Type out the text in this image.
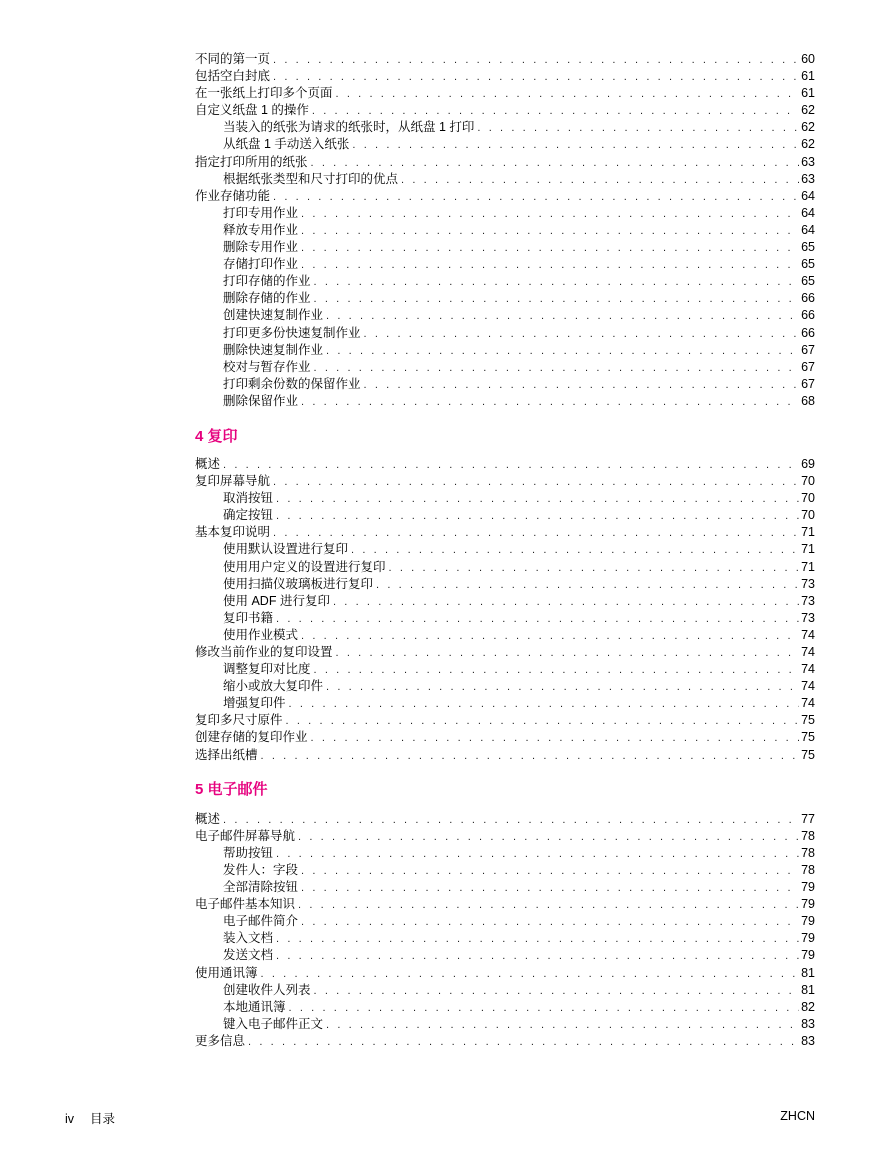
不同的第一页 . . .	60
包括空白封底 . . .	61
在一张纸上打印多个页面 . . .	61
自定义纸盘 1 的操作 . . .	62
当装入的纸张为请求的纸张时，从纸盘 1 打印 . . .	62
从纸盘 1 手动送入纸张 . . .	62
指定打印所用的纸张 . . .	63
根据纸张类型和尺寸打印的优点 . . .	63
作业存储功能 . . .	64
打印专用作业 . . .	64
释放专用作业 . . .	64
删除专用作业 . . .	65
存储打印作业 . . .	65
打印存储的作业 . . .	65
删除存储的作业 . . .	66
创建快速复制作业 . . .	66
打印更多份快速复制作业 . . .	66
删除快速复制作业 . . .	67
校对与暂存作业 . . .	67
打印剩余份数的保留作业 . . .	67
删除保留作业 . . .	68
4 复印
概述 . . .	69
复印屏幕导航 . . .	70
取消按钮 . . .	70
确定按钮 . . .	70
基本复印说明 . . .	71
使用默认设置进行复印 . . .	71
使用用户定义的设置进行复印 . . .	71
使用扫描仪玻璃板进行复印 . . .	73
使用 ADF 进行复印 . . .	73
复印书籍 . . .	73
使用作业模式 . . .	74
修改当前作业的复印设置 . . .	74
调整复印对比度 . . .	74
缩小或放大复印件 . . .	74
增强复印件 . . .	74
复印多尺寸原件 . . .	75
创建存储的复印作业 . . .	75
选择出纸槽 . . .	75
5 电子邮件
概述 . . .	77
电子邮件屏幕导航 . . .	78
帮助按钮 . . .	78
发件人：字段 . . .	78
全部清除按钮 . . .	79
电子邮件基本知识 . . .	79
电子邮件简介 . . .	79
装入文档 . . .	79
发送文档 . . .	79
使用通讯簿 . . .	81
创建收件人列表 . . .	81
本地通讯簿 . . .	82
键入电子邮件正文 . . .	83
更多信息 . . .	83
iv 目录	ZHCN
